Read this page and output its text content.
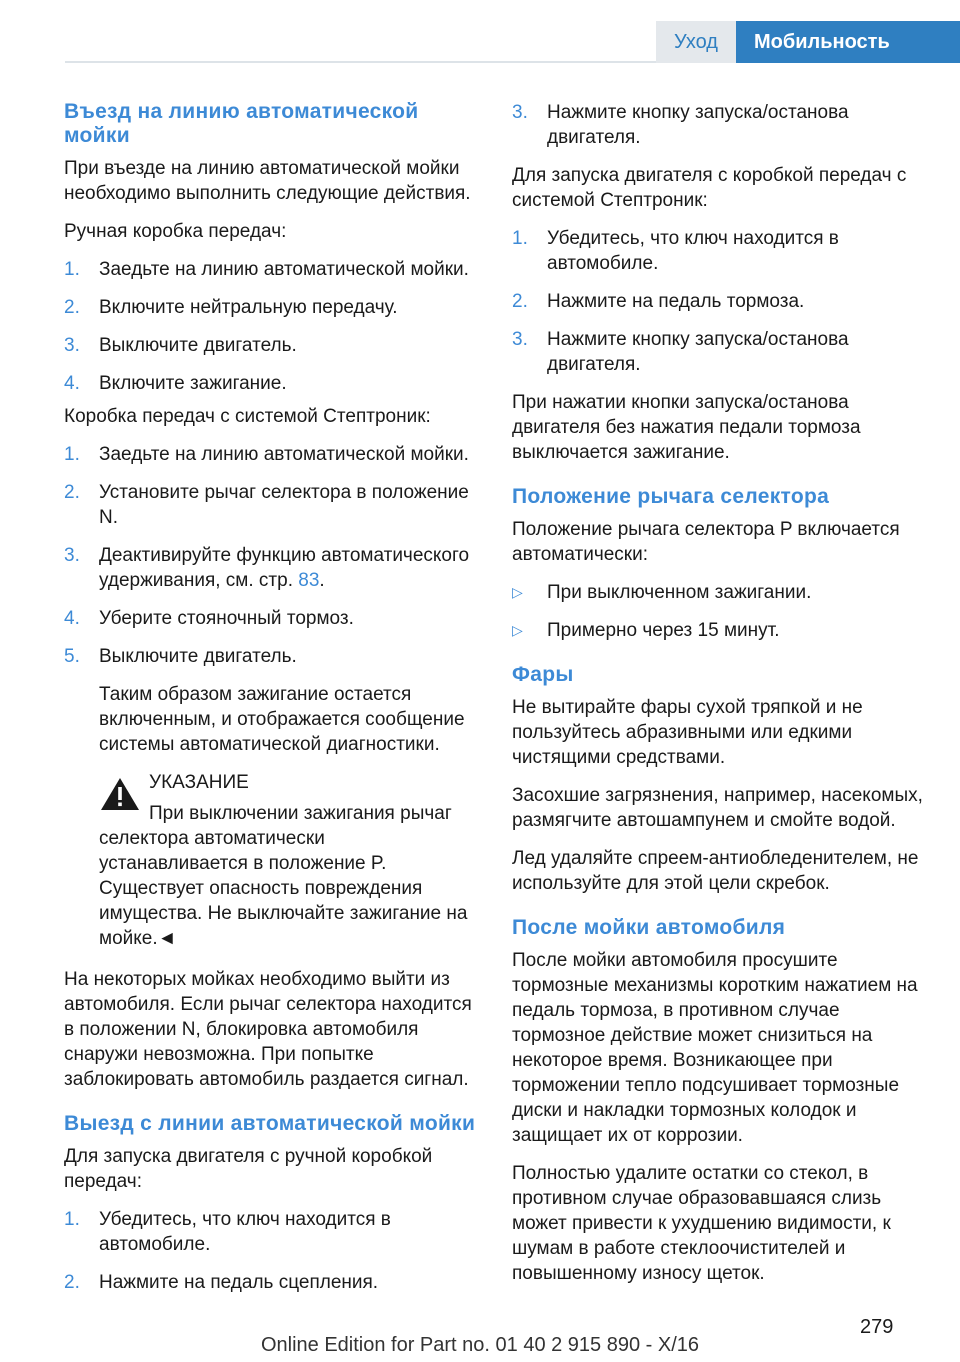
Уход	Мобильность
Въезд на линию автоматической мойки
При въезде на линию автоматической мойки необходимо выполнить следующие действия.
Ручная коробка передач:
1.	Заедьте на линию автоматической мойки.
2.	Включите нейтральную передачу.
3.	Выключите двигатель.
4.	Включите зажигание.
Коробка передач с системой Стептроник:
1.	Заедьте на линию автоматической мойки.
2.	Установите рычаг селектора в положение N.
3.	Деактивируйте функцию автоматического удерживания, см. стр. 83.
4.	Уберите стояночный тормоз.
5.	Выключите двигатель.
Таким образом зажигание остается включенным, и отображается сообщение системы автоматической диагностики.
УКАЗАНИЕ
При выключении зажигания рычаг
селектора автоматически устанавливается в положение P. Существует опасность повреждения имущества. Не выключайте зажигание на мойке.◄
На некоторых мойках необходимо выйти из автомобиля. Если рычаг селектора находится в положении N, блокировка автомобиля снаружи невозможна. При попытке заблокировать автомобиль раздается сигнал.
Выезд с линии автоматической мойки
Для запуска двигателя с ручной коробкой передач:
1.	Убедитесь, что ключ находится в автомобиле.
2.	Нажмите на педаль сцепления.
3.	Нажмите кнопку запуска/останова двигателя.
Для запуска двигателя с коробкой передач с системой Стептроник:
1.	Убедитесь, что ключ находится в автомобиле.
2.	Нажмите на педаль тормоза.
3.	Нажмите кнопку запуска/останова двигателя.
При нажатии кнопки запуска/останова двигателя без нажатия педали тормоза выключается зажигание.
Положение рычага селектора
Положение рычага селектора P включается автоматически:
▷	При выключенном зажигании.
▷	Примерно через 15 минут.
Фары
Не вытирайте фары сухой тряпкой и не пользуйтесь абразивными или едкими чистящими средствами.
Засохшие загрязнения, например, насекомых, размягчите автошампунем и смойте водой.
Лед удаляйте спреем-антиобледенителем, не используйте для этой цели скребок.
После мойки автомобиля
После мойки автомобиля просушите тормозные механизмы коротким нажатием на педаль тормоза, в противном случае тормозное действие может снизиться на некоторое время. Возникающее при торможении тепло подсушивает тормозные диски и накладки тормозных колодок и защищает их от коррозии.
Полностью удалите остатки со стекол, в противном случае образовавшаяся слизь может привести к ухудшению видимости, к шумам в работе стеклоочистителей и повышенному износу щеток.
279
Online Edition for Part no. 01 40 2 915 890 - X/16
